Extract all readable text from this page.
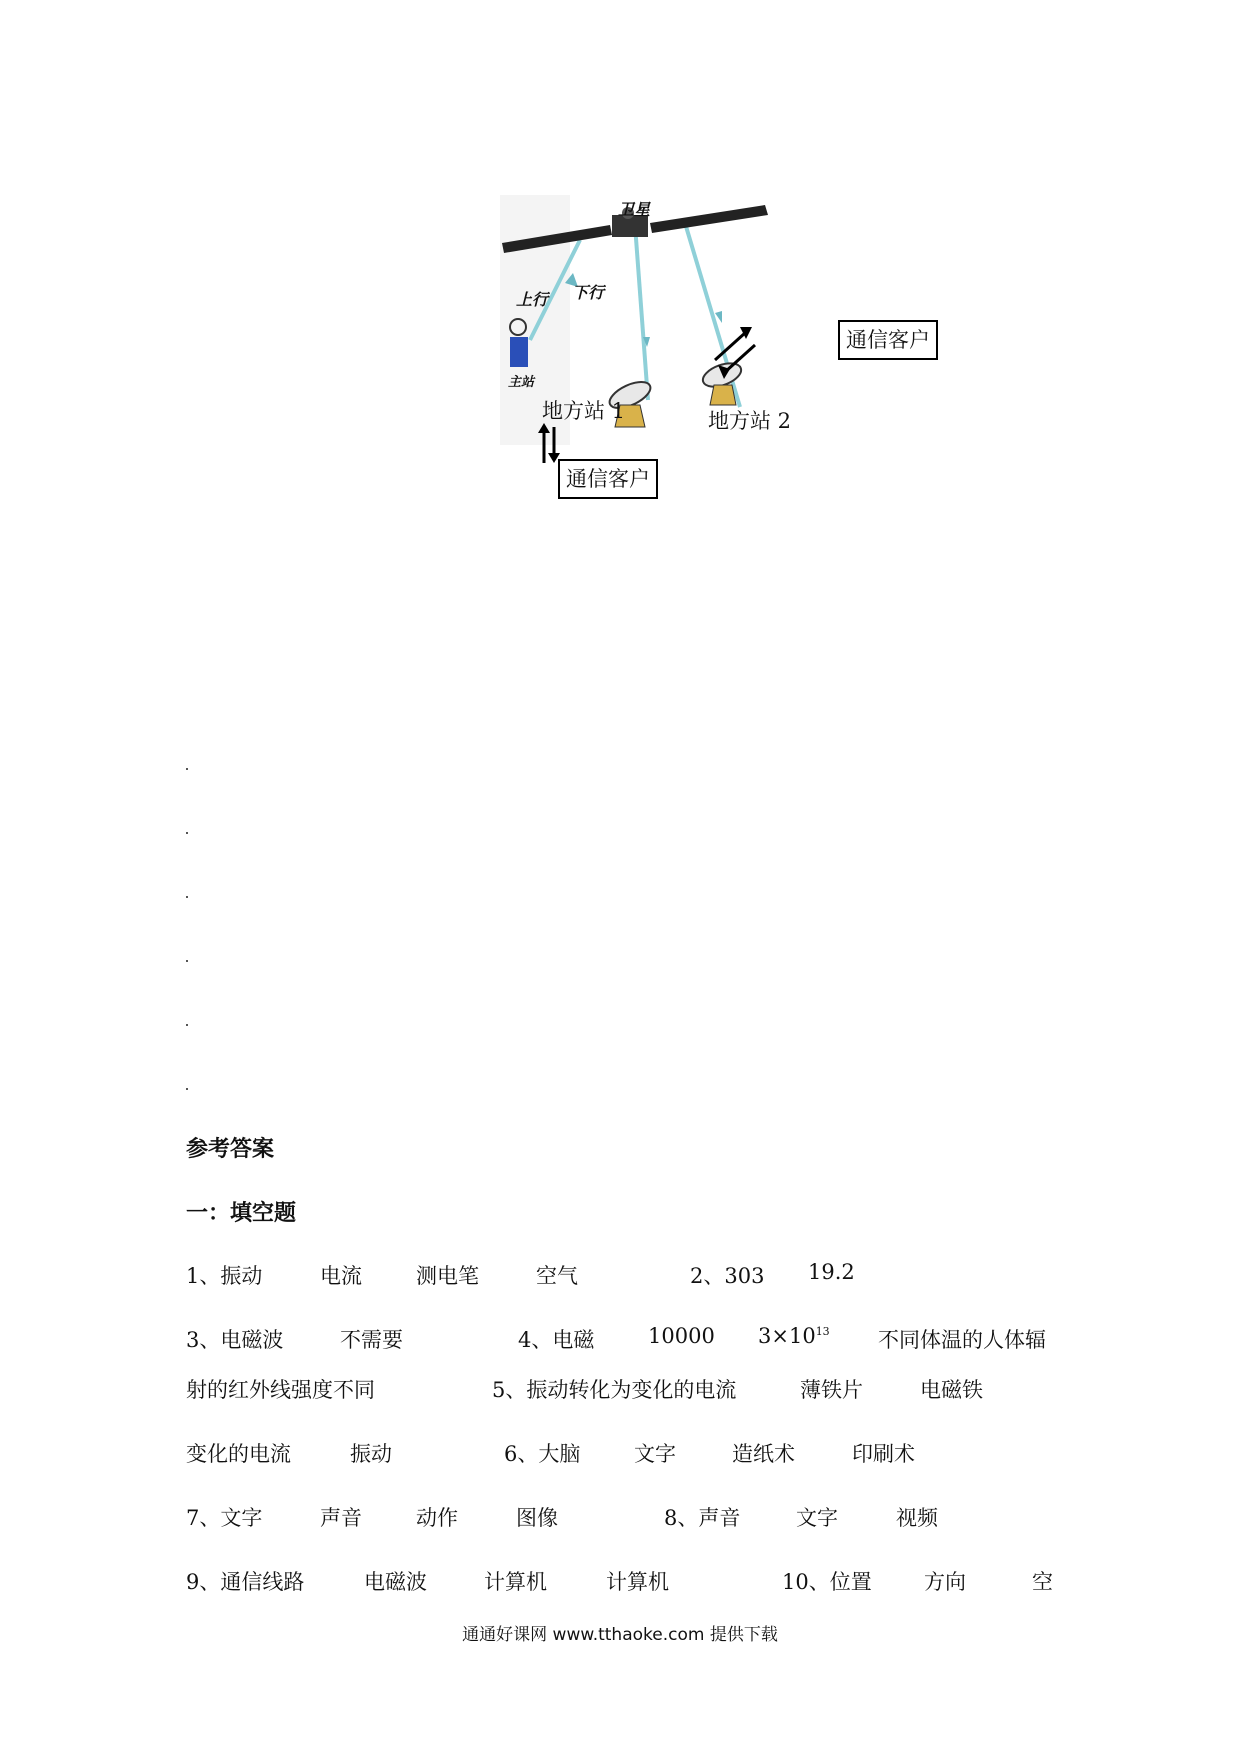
卫星
上行 下行
主站
地方站 1	地方站 2
通信客户
通信客户
参考答案
一：填空题
1、振动	电流	测电笔	空气	2、303 19.2
3、电磁波	不需要	4、电磁	10000 $3\times 10^{13}$ 不同体温的人体辐
射的红外线强度不同	5、振动转化为变化的电流	薄铁片	电磁铁
变化的电流	振动	6、大脑	文字	造纸术	印刷术
7、文字	声音	动作	图像	8、声音	文字	视频
9、通信线路	电磁波	计算机	计算机	10、位置 方向	空
通通好课网 www.tthaoke.com 提供下载
